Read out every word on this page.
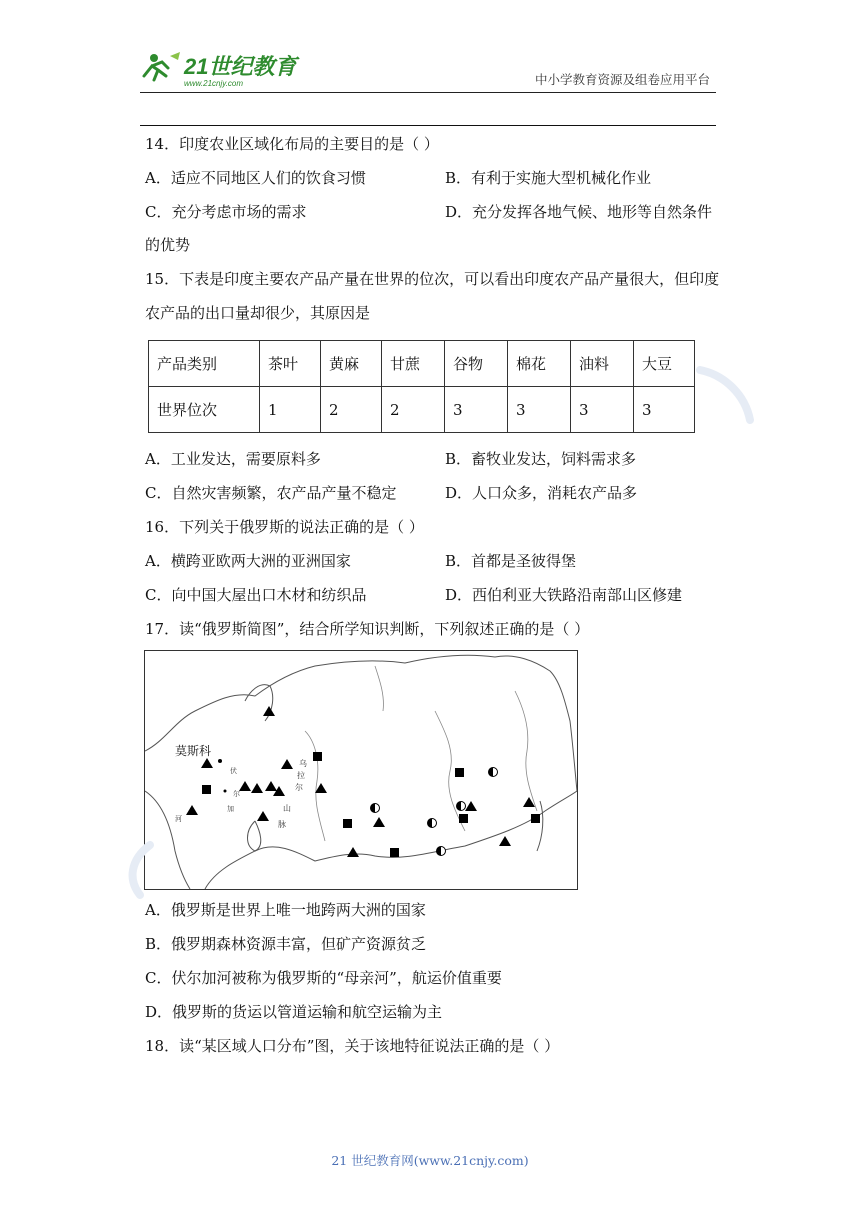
21世纪教育
www.21cnjy.com	中小学教育资源及组卷应用平台
14．印度农业区域化布局的主要目的是（ ）
A．适应不同地区人们的饮食习惯	B．有利于实施大型机械化作业
C．充分考虑市场的需求	D．充分发挥各地气候、地形等自然条件
的优势
15．下表是印度主要农产品产量在世界的位次，可以看出印度农产品产量很大，但印度
农产品的出口量却很少，其原因是
产品类别	茶叶	黄麻	甘蔗	谷物	棉花	油料	大豆
世界位次	1	2	2	3	3	3	3
A．工业发达，需要原料多	B．畜牧业发达，饲料需求多
C．自然灾害频繁，农产品产量不稳定	D．人口众多，消耗农产品多
16．下列关于俄罗斯的说法正确的是（ ）
A．横跨亚欧两大洲的亚洲国家	B．首都是圣彼得堡
C．向中国大屋出口木材和纺织品	D．西伯利亚大铁路沿南部山区修建
17．读“俄罗斯简图”，结合所学知识判断，下列叙述正确的是（ ）
莫斯科
伏
尔
加
河
乌
拉
尔
山
脉
A．俄罗斯是世界上唯一地跨两大洲的国家
B．俄罗期森林资源丰富，但矿产资源贫乏
C．伏尔加河被称为俄罗斯的“母亲河”，航运价值重要
D．俄罗斯的货运以管道运输和航空运输为主
18．读“某区域人口分布”图，关于该地特征说法正确的是（ ）
21 世纪教育网(www.21cnjy.com)
